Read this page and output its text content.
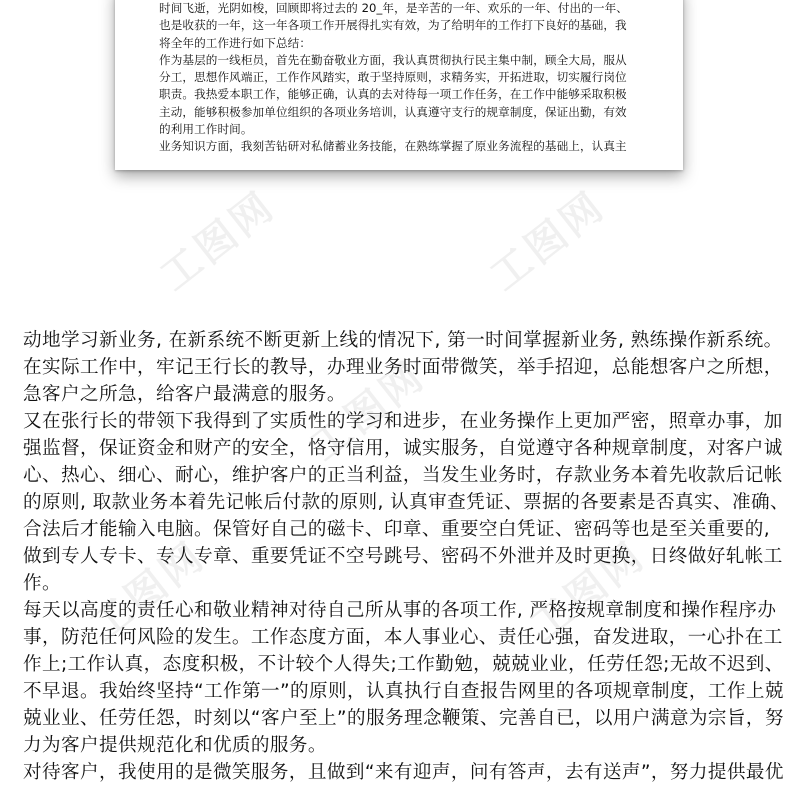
时间飞逝，光阴如梭，回顾即将过去的 20_年，是辛苦的一年、欢乐的一年、付出的一年、
也是收获的一年，这一年各项工作开展得扎实有效，为了给明年的工作打下良好的基础，我
将全年的工作进行如下总结：
作为基层的一线柜员，首先在勤奋敬业方面，我认真贯彻执行民主集中制，顾全大局，服从
分工，思想作风端正，工作作风踏实，敢于坚持原则，求精务实，开拓进取，切实履行岗位
职责。我热爱本职工作，能够正确，认真的去对待每一项工作任务，在工作中能够采取积极
主动，能够积极参加单位组织的各项业务培训，认真遵守支行的规章制度，保证出勤，有效
的利用工作时间。
业务知识方面，我刻苦钻研对私储蓄业务技能，在熟练掌握了原业务流程的基础上，认真主
工图网	工图网
工图网
工图网	工图网
动地学习新业务, 在新系统不断更新上线的情况下, 第一时间掌握新业务, 熟练操作新系统。
在实际工作中，牢记王行长的教导，办理业务时面带微笑，举手招迎，总能想客户之所想，
急客户之所急，给客户最满意的服务。
又在张行长的带领下我得到了实质性的学习和进步，在业务操作上更加严密，照章办事，加
强监督，保证资金和财产的安全，恪守信用，诚实服务，自觉遵守各种规章制度，对客户诚
心、热心、细心、耐心，维护客户的正当利益，当发生业务时，存款业务本着先收款后记帐
的原则, 取款业务本着先记帐后付款的原则, 认真审查凭证、票据的各要素是否真实、准确、
合法后才能输入电脑。保管好自己的磁卡、印章、重要空白凭证、密码等也是至关重要的,
做到专人专卡、专人专章、重要凭证不空号跳号、密码不外泄并及时更换，日终做好轧帐工
作。
每天以高度的责任心和敬业精神对待自己所从事的各项工作, 严格按规章制度和操作程序办
事，防范任何风险的发生。工作态度方面，本人事业心、责任心强，奋发进取，一心扑在工
作上;工作认真，态度积极，不计较个人得失;工作勤勉，兢兢业业，任劳任怨;无故不迟到、
不早退。我始终坚持“工作第一”的原则，认真执行自查报告网里的各项规章制度，工作上兢
兢业业、任劳任怨，时刻以“客户至上”的服务理念鞭策、完善自已，以用户满意为宗旨，努
力为客户提供规范化和优质的服务。
对待客户，我使用的是微笑服务，且做到“来有迎声，问有答声，去有送声”，努力提供最优
